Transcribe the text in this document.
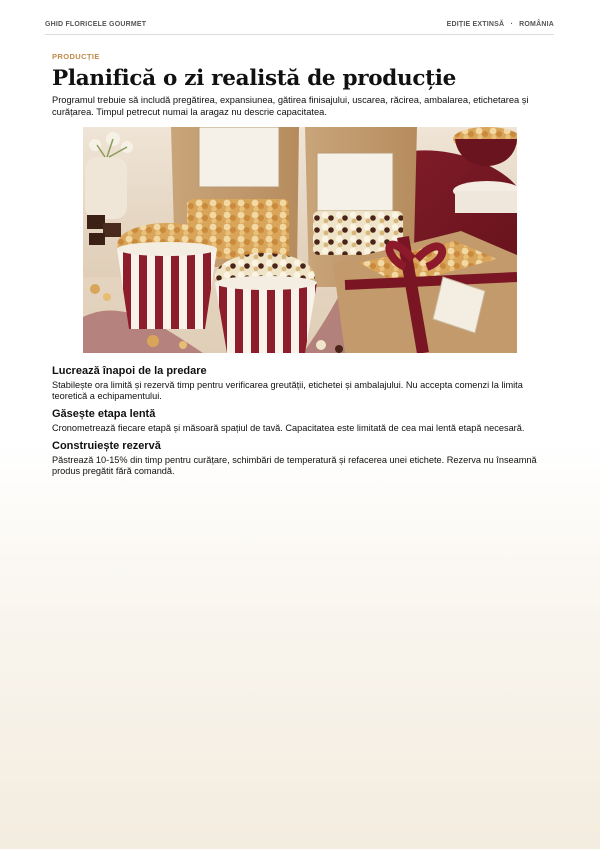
GHID FLORICELE GOURMET	EDIȚIE EXTINSĂ · ROMÂNIA
PRODUCȚIE
Planifică o zi realistă de producție

Programul trebuie să includă pregătirea, expansiunea, gătirea finisajului, uscarea, răcirea, ambalarea, etichetarea și curățarea. Timpul petrecut numai la aragaz nu descrie capacitatea.

Lucrează înapoi de la predare

Stabilește ora limită și rezervă timp pentru verificarea greutății, etichetei și ambalajului. Nu accepta comenzi la limita teoretică a echipamentului.

Găsește etapa lentă

Cronometrează fiecare etapă și măsoară spațiul de tavă. Capacitatea este limitată de cea mai lentă etapă necesară.

Construiește rezervă

Păstrează 10-15% din timp pentru curățare, schimbări de temperatură și refacerea unei etichete. Rezerva nu înseamnă produs pregătit fără comandă.
